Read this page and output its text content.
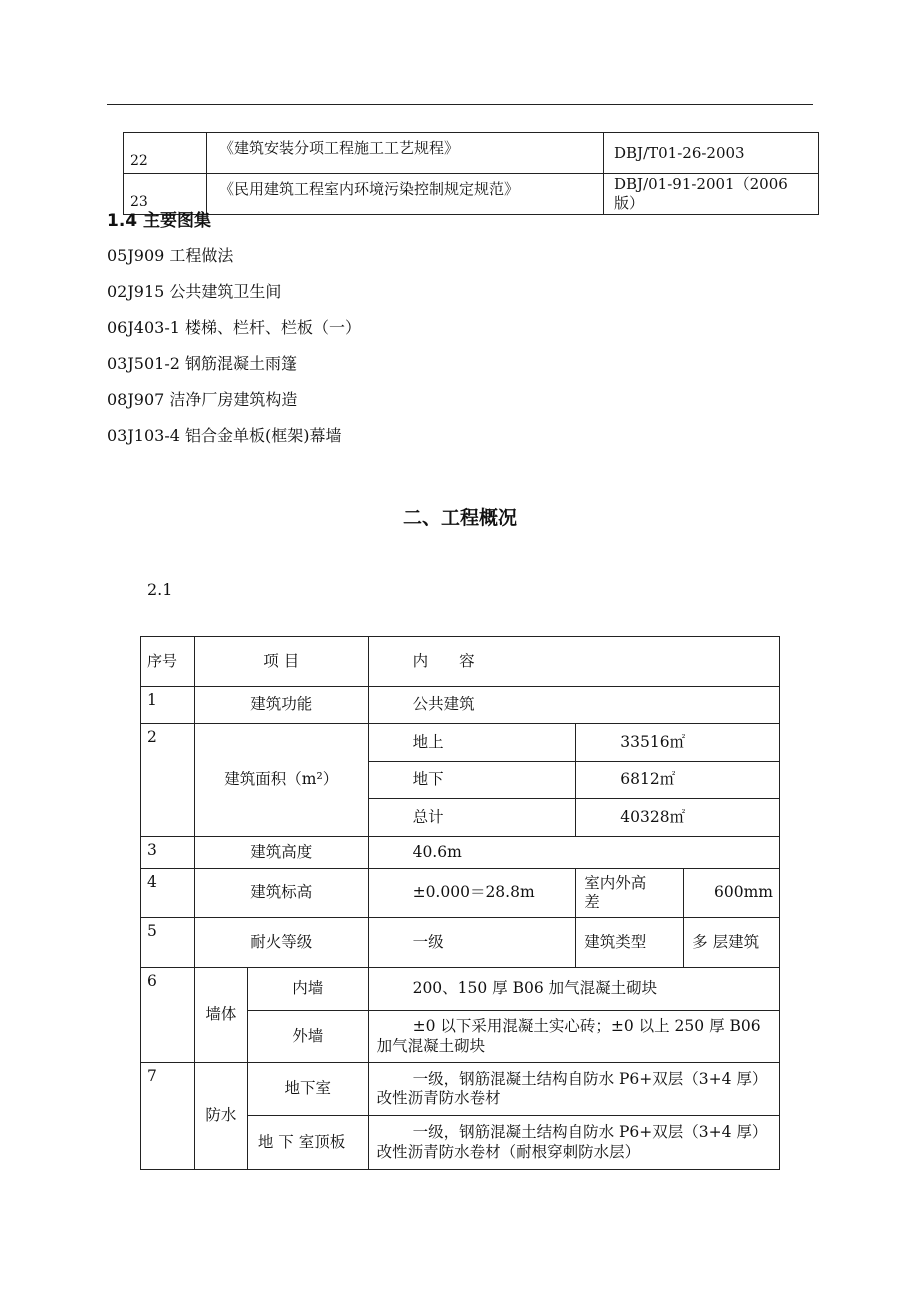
22	《建筑安装分项工程施工工艺规程》	DBJ/T01-26-2003
23	《民用建筑工程室内环境污染控制规定规范》	DBJ/01-91-2001（2006 版）
1.4 主要图集
05J909 工程做法
02J915 公共建筑卫生间
06J403-1 楼梯、栏杆、栏板（一）
03J501-2 钢筋混凝土雨篷
08J907 洁净厂房建筑构造
03J103-4 铝合金单板(框架)幕墙
二、工程概况
2.1
序号	项 目		内　　容		
1	建筑功能		公共建筑		
2	建筑面积（m²）		地上	33516㎡	
			地下	6812㎡	
			总计	40328㎡	
3	建筑高度		40.6m		
4	建筑标高		±0.000＝28.8m	室内外高　差	600mm
5	耐火等级		一级	建筑类型	多 层建筑
6	墙体	内墙	200、150 厚 B06 加气混凝土砌块		
		外墙	±0 以下采用混凝土实心砖；±0 以上 250 厚 B06 加气混凝土砌块		
7	防水	地下室	一级，钢筋混凝土结构自防水 P6+双层（3+4 厚）改性沥青防水卷材		
		地 下 室顶板	一级，钢筋混凝土结构自防水 P6+双层（3+4 厚）改性沥青防水卷材（耐根穿刺防水层）		
